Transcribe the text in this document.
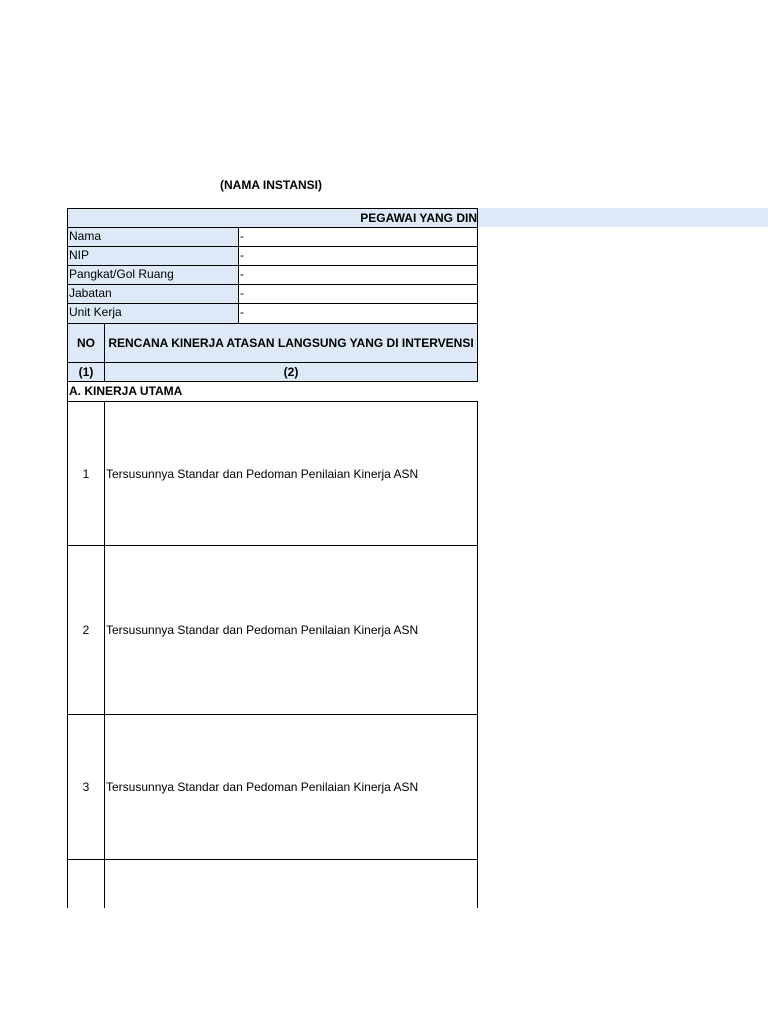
(NAMA INSTANSI)
PEGAWAI YANG DIN
Nama	-
NIP	-
Pangkat/Gol Ruang	-
Jabatan	-
Unit Kerja	-
NO	RENCANA KINERJA ATASAN LANGSUNG YANG DI INTERVENSI
(1)	(2)
A. KINERJA UTAMA
1	Tersusunnya Standar dan Pedoman Penilaian Kinerja ASN
2	Tersusunnya Standar dan Pedoman Penilaian Kinerja ASN
3	Tersusunnya Standar dan Pedoman Penilaian Kinerja ASN
